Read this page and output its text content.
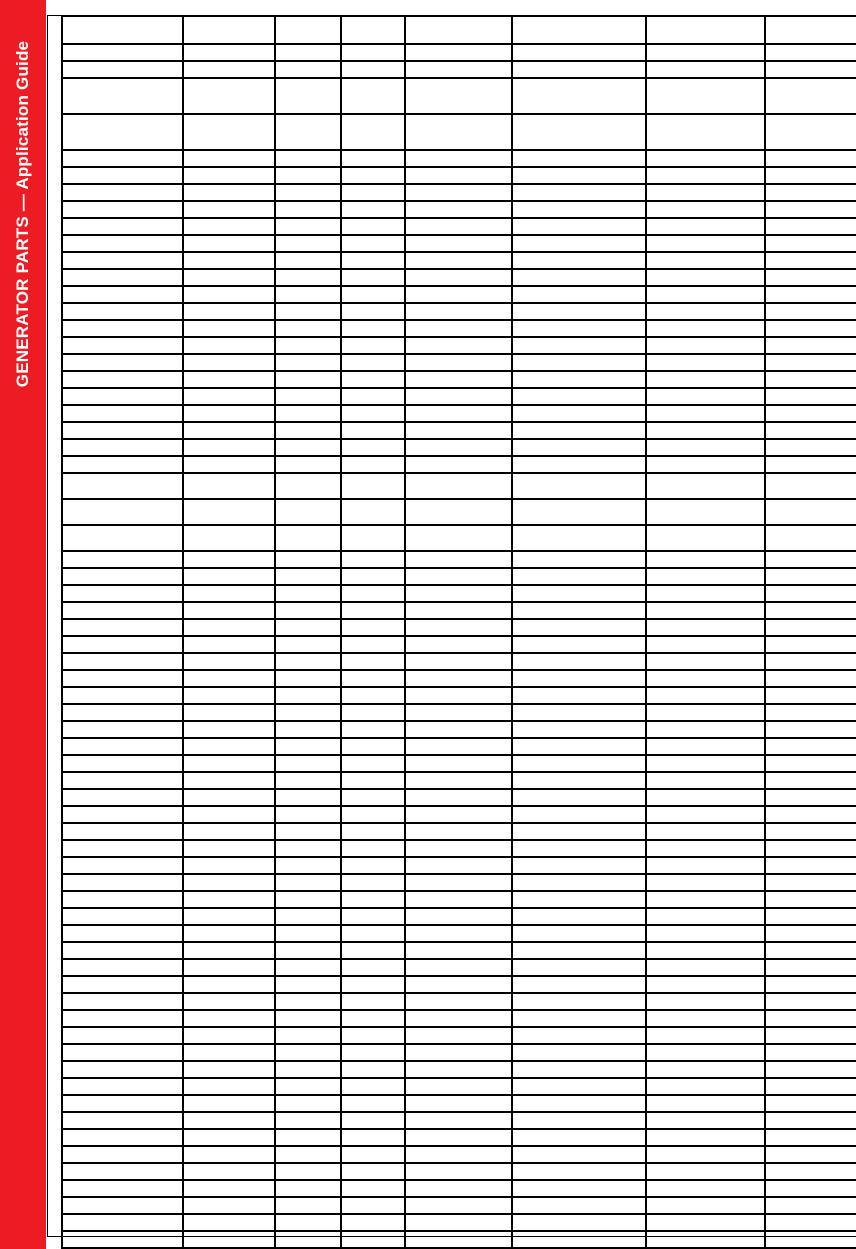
GENERATOR PARTS — Application Guide
